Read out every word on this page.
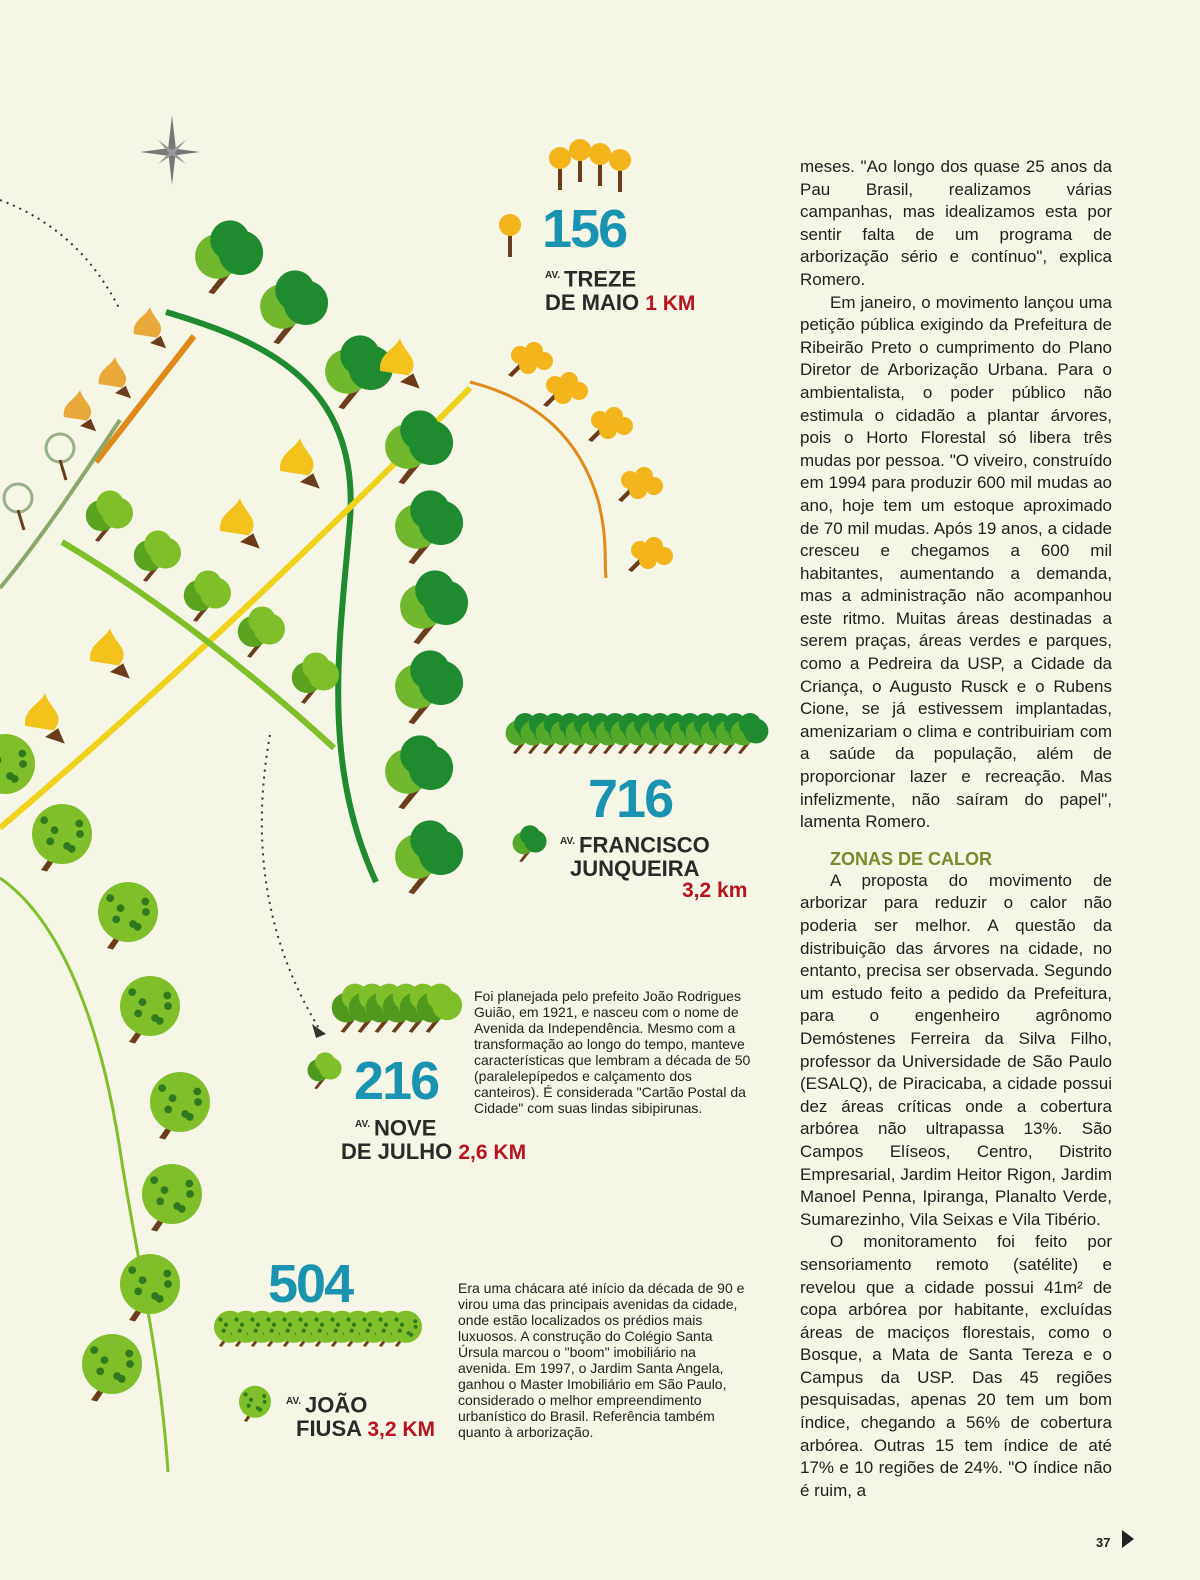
156
$^{AV.}$ TREZE
DE MAIO 1 KM
716
$^{AV.}$ FRANCISCO
JUNQUEIRA
3,2 km
216
$^{AV.}$ NOVE
DE JULHO 2,6 KM
Foi planejada pelo prefeito João Rodrigues Guião, em 1921, e nasceu com o nome de Avenida da Independência. Mesmo com a transformação ao longo do tempo, manteve características que lembram a década de 50 (paralelepípedos e calçamento dos canteiros). É considerada "Cartão Postal da Cidade" com suas lindas sibipirunas.
504
$^{AV.}$ JOÃO
FIUSA 3,2 KM
Era uma chácara até início da década de 90 e virou uma das principais avenidas da cidade, onde estão localizados os prédios mais luxuosos. A construção do Colégio Santa Úrsula marcou o "boom" imobiliário na avenida. Em 1997, o Jardim Santa Angela, ganhou o Master Imobiliário em São Paulo, considerado o melhor empreendimento urbanístico do Brasil. Referência também quanto à arborização.

meses. "Ao longo dos quase 25 anos da Pau Brasil, realizamos várias campanhas, mas idealizamos esta por sentir falta de um programa de arborização sério e contínuo", explica Romero.

Em janeiro, o movimento lançou uma petição pública exigindo da Prefeitura de Ribeirão Preto o cumprimento do Plano Diretor de Arborização Urbana. Para o ambientalista, o poder público não estimula o cidadão a plantar árvores, pois o Horto Florestal só libera três mudas por pessoa. "O viveiro, construído em 1994 para produzir 600 mil mudas ao ano, hoje tem um estoque aproximado de 70 mil mudas. Após 19 anos, a cidade cresceu e chegamos a 600 mil habitantes, aumentando a demanda, mas a administração não acompanhou este ritmo. Muitas áreas destinadas a serem praças, áreas verdes e parques, como a Pedreira da USP, a Cidade da Criança, o Augusto Rusck e o Rubens Cione, se já estivessem implantadas, amenizariam o clima e contribuiriam com a saúde da população, além de proporcionar lazer e recreação. Mas infelizmente, não saíram do papel", lamenta Romero.

ZONAS DE CALOR

A proposta do movimento de arborizar para reduzir o calor não poderia ser melhor. A questão da distribuição das árvores na cidade, no entanto, precisa ser observada. Segundo um estudo feito a pedido da Prefeitura, para o engenheiro agrônomo Demóstenes Ferreira da Silva Filho, professor da Universidade de São Paulo (ESALQ), de Piracicaba, a cidade possui dez áreas críticas onde a cobertura arbórea não ultrapassa 13%. São Campos Elíseos, Centro, Distrito Empresarial, Jardim Heitor Rigon, Jardim Manoel Penna, Ipiranga, Planalto Verde, Sumarezinho, Vila Seixas e Vila Tibério.

O monitoramento foi feito por sensoriamento remoto (satélite) e revelou que a cidade possui 41m² de copa arbórea por habitante, excluídas áreas de maciços florestais, como o Bosque, a Mata de Santa Tereza e o Campus da USP. Das 45 regiões pesquisadas, apenas 20 tem um bom índice, chegando a 56% de cobertura arbórea. Outras 15 tem índice de até 17% e 10 regiões de 24%. "O índice não é ruim, a

37
